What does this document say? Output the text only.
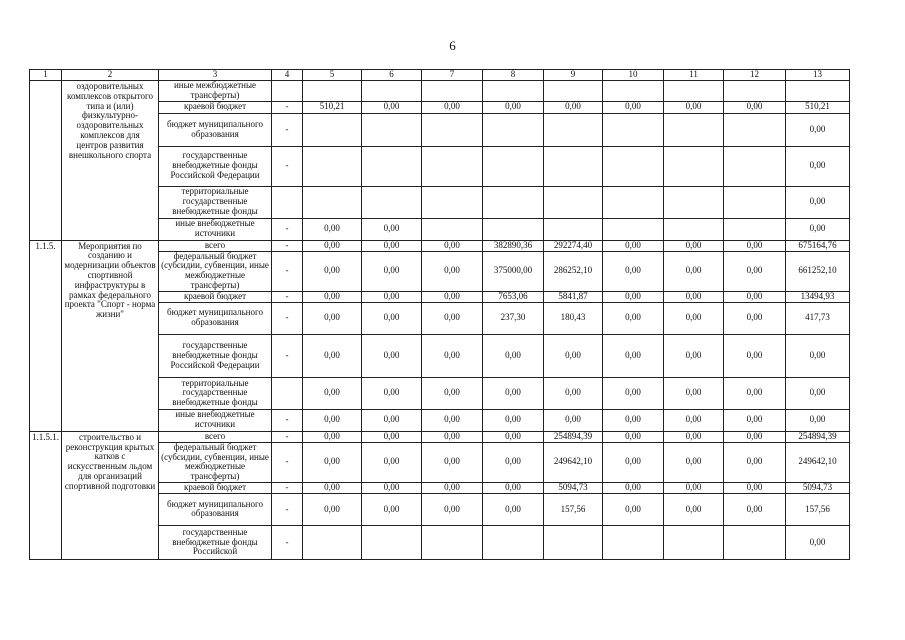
6
1	2	3	4	5	6	7	8	9	10	11	12	13
	оздоровительных комплексов открытого типа и (или) физкультурно-оздоровительных комплексов для центров развития внешкольного спорта	иные межбюджетные трансферты)										
		краевой бюджет	-	510,21	0,00	0,00	0,00	0,00	0,00	0,00	0,00	510,21
		бюджет муниципального образования	-									0,00
		государственные внебюджетные фонды Российской Федерации	-									0,00
		территориальные государственные внебюджетные фонды										0,00
		иные внебюджетные источники	-	0,00	0,00							0,00
1.1.5.	Мероприятия по созданию и модернизации объектов спортивной инфраструктуры в рамках федерального проекта "Спорт - норма жизни"	всего	-	0,00	0,00	0,00	382890,36	292274,40	0,00	0,00	0,00	675164,76
		федеральный бюджет (субсидии, субвенции, иные межбюджетные трансферты)	-	0,00	0,00	0,00	375000,00	286252,10	0,00	0,00	0,00	661252,10
		краевой бюджет	-	0,00	0,00	0,00	7653,06	5841,87	0,00	0,00	0,00	13494,93
		бюджет муниципального образования	-	0,00	0,00	0,00	237,30	180,43	0,00	0,00	0,00	417,73
		государственные внебюджетные фонды Российской Федерации	-	0,00	0,00	0,00	0,00	0,00	0,00	0,00	0,00	0,00
		территориальные государственные внебюджетные фонды		0,00	0,00	0,00	0,00	0,00	0,00	0,00	0,00	0,00
		иные внебюджетные источники	-	0,00	0,00	0,00	0,00	0,00	0,00	0,00	0,00	0,00
1.1.5.1.	строительство и реконструкция крытых катков с искусственным льдом для организаций спортивной подготовки	всего	-	0,00	0,00	0,00	0,00	254894,39	0,00	0,00	0,00	254894,39
		федеральный бюджет (субсидии, субвенции, иные межбюджетные трансферты)	-	0,00	0,00	0,00	0,00	249642,10	0,00	0,00	0,00	249642,10
		краевой бюджет	-	0,00	0,00	0,00	0,00	5094,73	0,00	0,00	0,00	5094,73
		бюджет муниципального образования	-	0,00	0,00	0,00	0,00	157,56	0,00	0,00	0,00	157,56
		государственные внебюджетные фонды Российской	-									0,00
